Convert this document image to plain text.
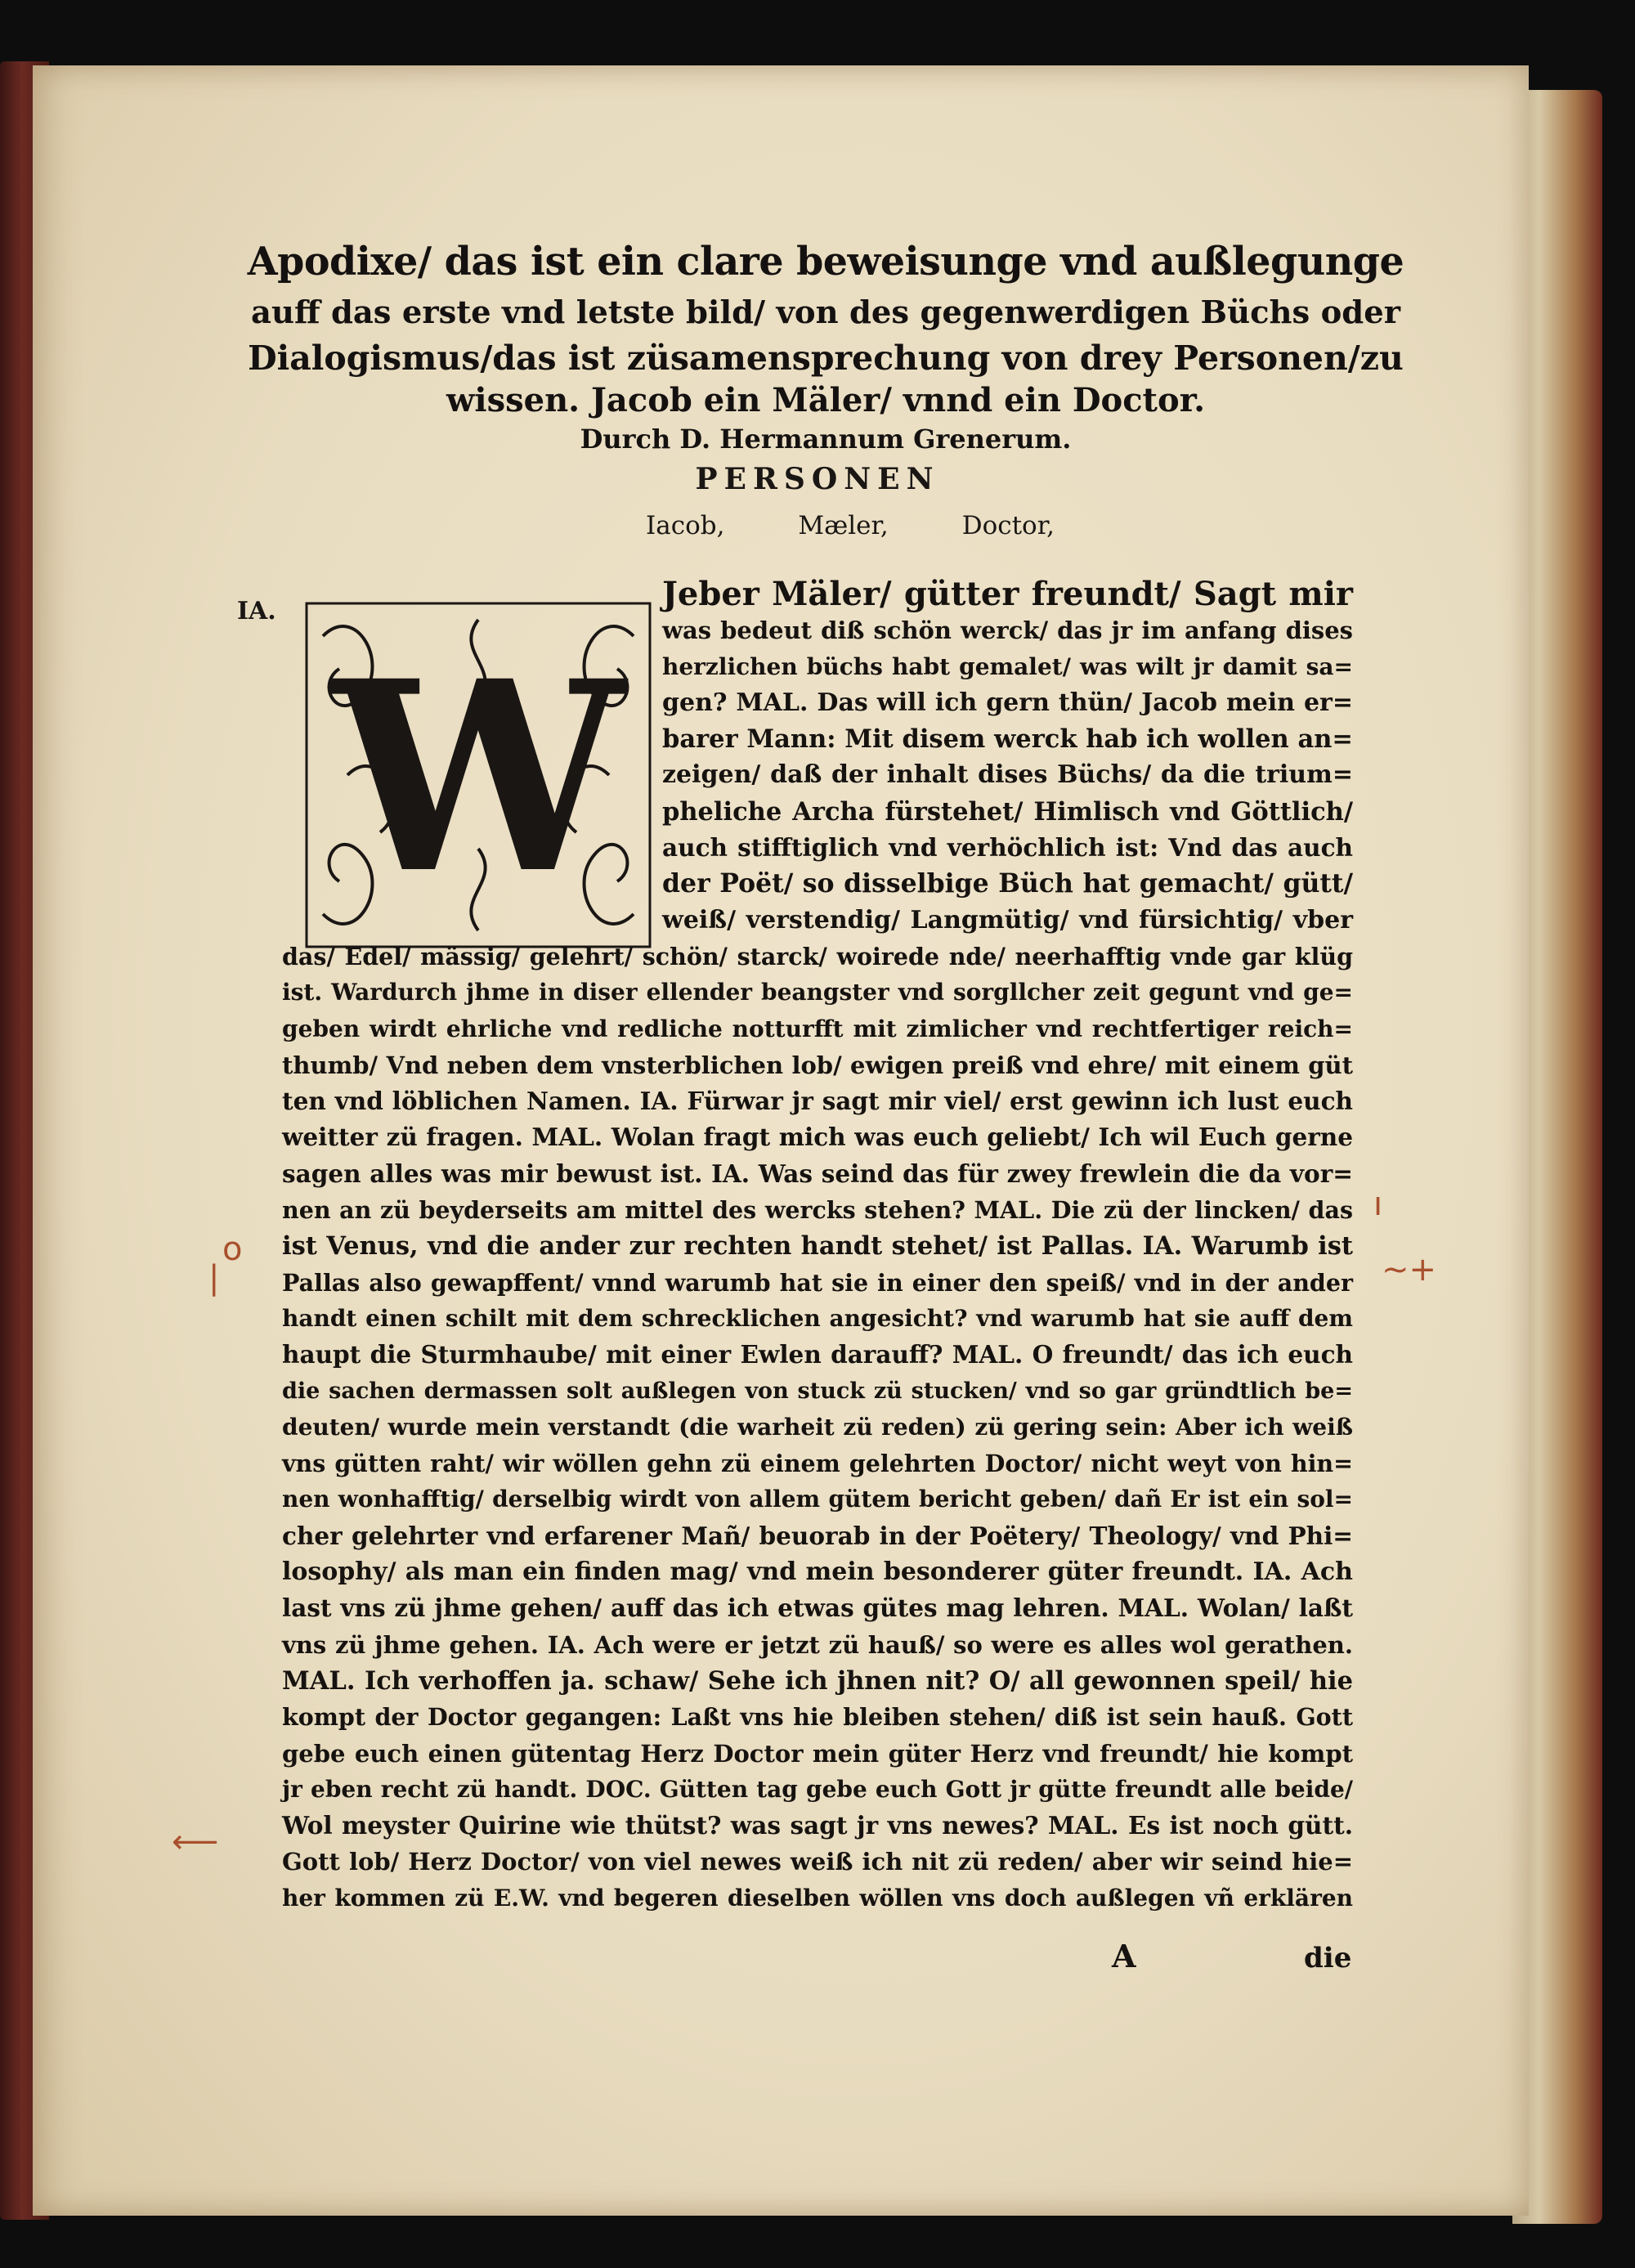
Apodixe/ das ist ein clare beweisunge vnd außlegunge
auff das erste vnd letste bild/ von des gegenwerdigen Büchs oder
Dialogismus/das ist züsamensprechung von drey Personen/zu
wissen. Jacob ein Mäler/ vnnd ein Doctor.
Durch D. Hermannum Grenerum.
PERSONEN
Iacob,	Mæler,	Doctor,
IA.
W
Jeber Mäler/ gütter freundt/ Sagt mir
was bedeut diß schön werck/ das jr im anfang dises
herzlichen büchs habt gemalet/ was wilt jr damit sa=
gen? MAL. Das will ich gern thün/ Jacob mein er=
barer Mann: Mit disem werck hab ich wollen an=
zeigen/ daß der inhalt dises Büchs/ da die trium=
pheliche Archa fürstehet/ Himlisch vnd Göttlich/
auch stifftiglich vnd verhöchlich ist: Vnd das auch
der Poët/ so disselbige Büch hat gemacht/ gütt/
weiß/ verstendig/ Langmütig/ vnd fürsichtig/ vber
das/ Edel/ mässig/ gelehrt/ schön/ starck/ woirede nde/ neerhafftig vnde gar klüg
ist. Wardurch jhme in diser ellender beangster vnd sorgllcher zeit gegunt vnd ge=
geben wirdt ehrliche vnd redliche notturfft mit zimlicher vnd rechtfertiger reich=
thumb/ Vnd neben dem vnsterblichen lob/ ewigen preiß vnd ehre/ mit einem güt
ten vnd löblichen Namen. IA. Fürwar jr sagt mir viel/ erst gewinn ich lust euch
weitter zü fragen. MAL. Wolan fragt mich was euch geliebt/ Ich wil Euch gerne
sagen alles was mir bewust ist. IA. Was seind das für zwey frewlein die da vor=
nen an zü beyderseits am mittel des wercks stehen? MAL. Die zü der lincken/ das
ist Venus, vnd die ander zur rechten handt stehet/ ist Pallas. IA. Warumb ist
Pallas also gewapffent/ vnnd warumb hat sie in einer den speiß/ vnd in der ander
handt einen schilt mit dem schrecklichen angesicht? vnd warumb hat sie auff dem
haupt die Sturmhaube/ mit einer Ewlen darauff? MAL. O freundt/ das ich euch
die sachen dermassen solt außlegen von stuck zü stucken/ vnd so gar gründtlich be=
deuten/ wurde mein verstandt (die warheit zü reden) zü gering sein: Aber ich weiß
vns gütten raht/ wir wöllen gehn zü einem gelehrten Doctor/ nicht weyt von hin=
nen wonhafftig/ derselbig wirdt von allem gütem bericht geben/ dañ Er ist ein sol=
cher gelehrter vnd erfarener Mañ/ beuorab in der Poëtery/ Theology/ vnd Phi=
losophy/ als man ein finden mag/ vnd mein besonderer güter freundt. IA. Ach
last vns zü jhme gehen/ auff das ich etwas gütes mag lehren. MAL. Wolan/ laßt
vns zü jhme gehen. IA. Ach were er jetzt zü hauß/ so were es alles wol gerathen.
MAL. Ich verhoffen ja. schaw/ Sehe ich jhnen nit? O/ all gewonnen speil/ hie
kompt der Doctor gegangen: Laßt vns hie bleiben stehen/ diß ist sein hauß. Gott
gebe euch einen gütentag Herz Doctor mein güter Herz vnd freundt/ hie kompt
jr eben recht zü handt. DOC. Gütten tag gebe euch Gott jr gütte freundt alle beide/
Wol meyster Quirine wie thütst? was sagt jr vns newes? MAL. Es ist noch gütt.
Gott lob/ Herz Doctor/ von viel newes weiß ich nit zü reden/ aber wir seind hie=
her kommen zü E.W. vnd begeren dieselben wöllen vns doch außlegen vñ erklären
A	die
o
|
ı
~+
⟵
